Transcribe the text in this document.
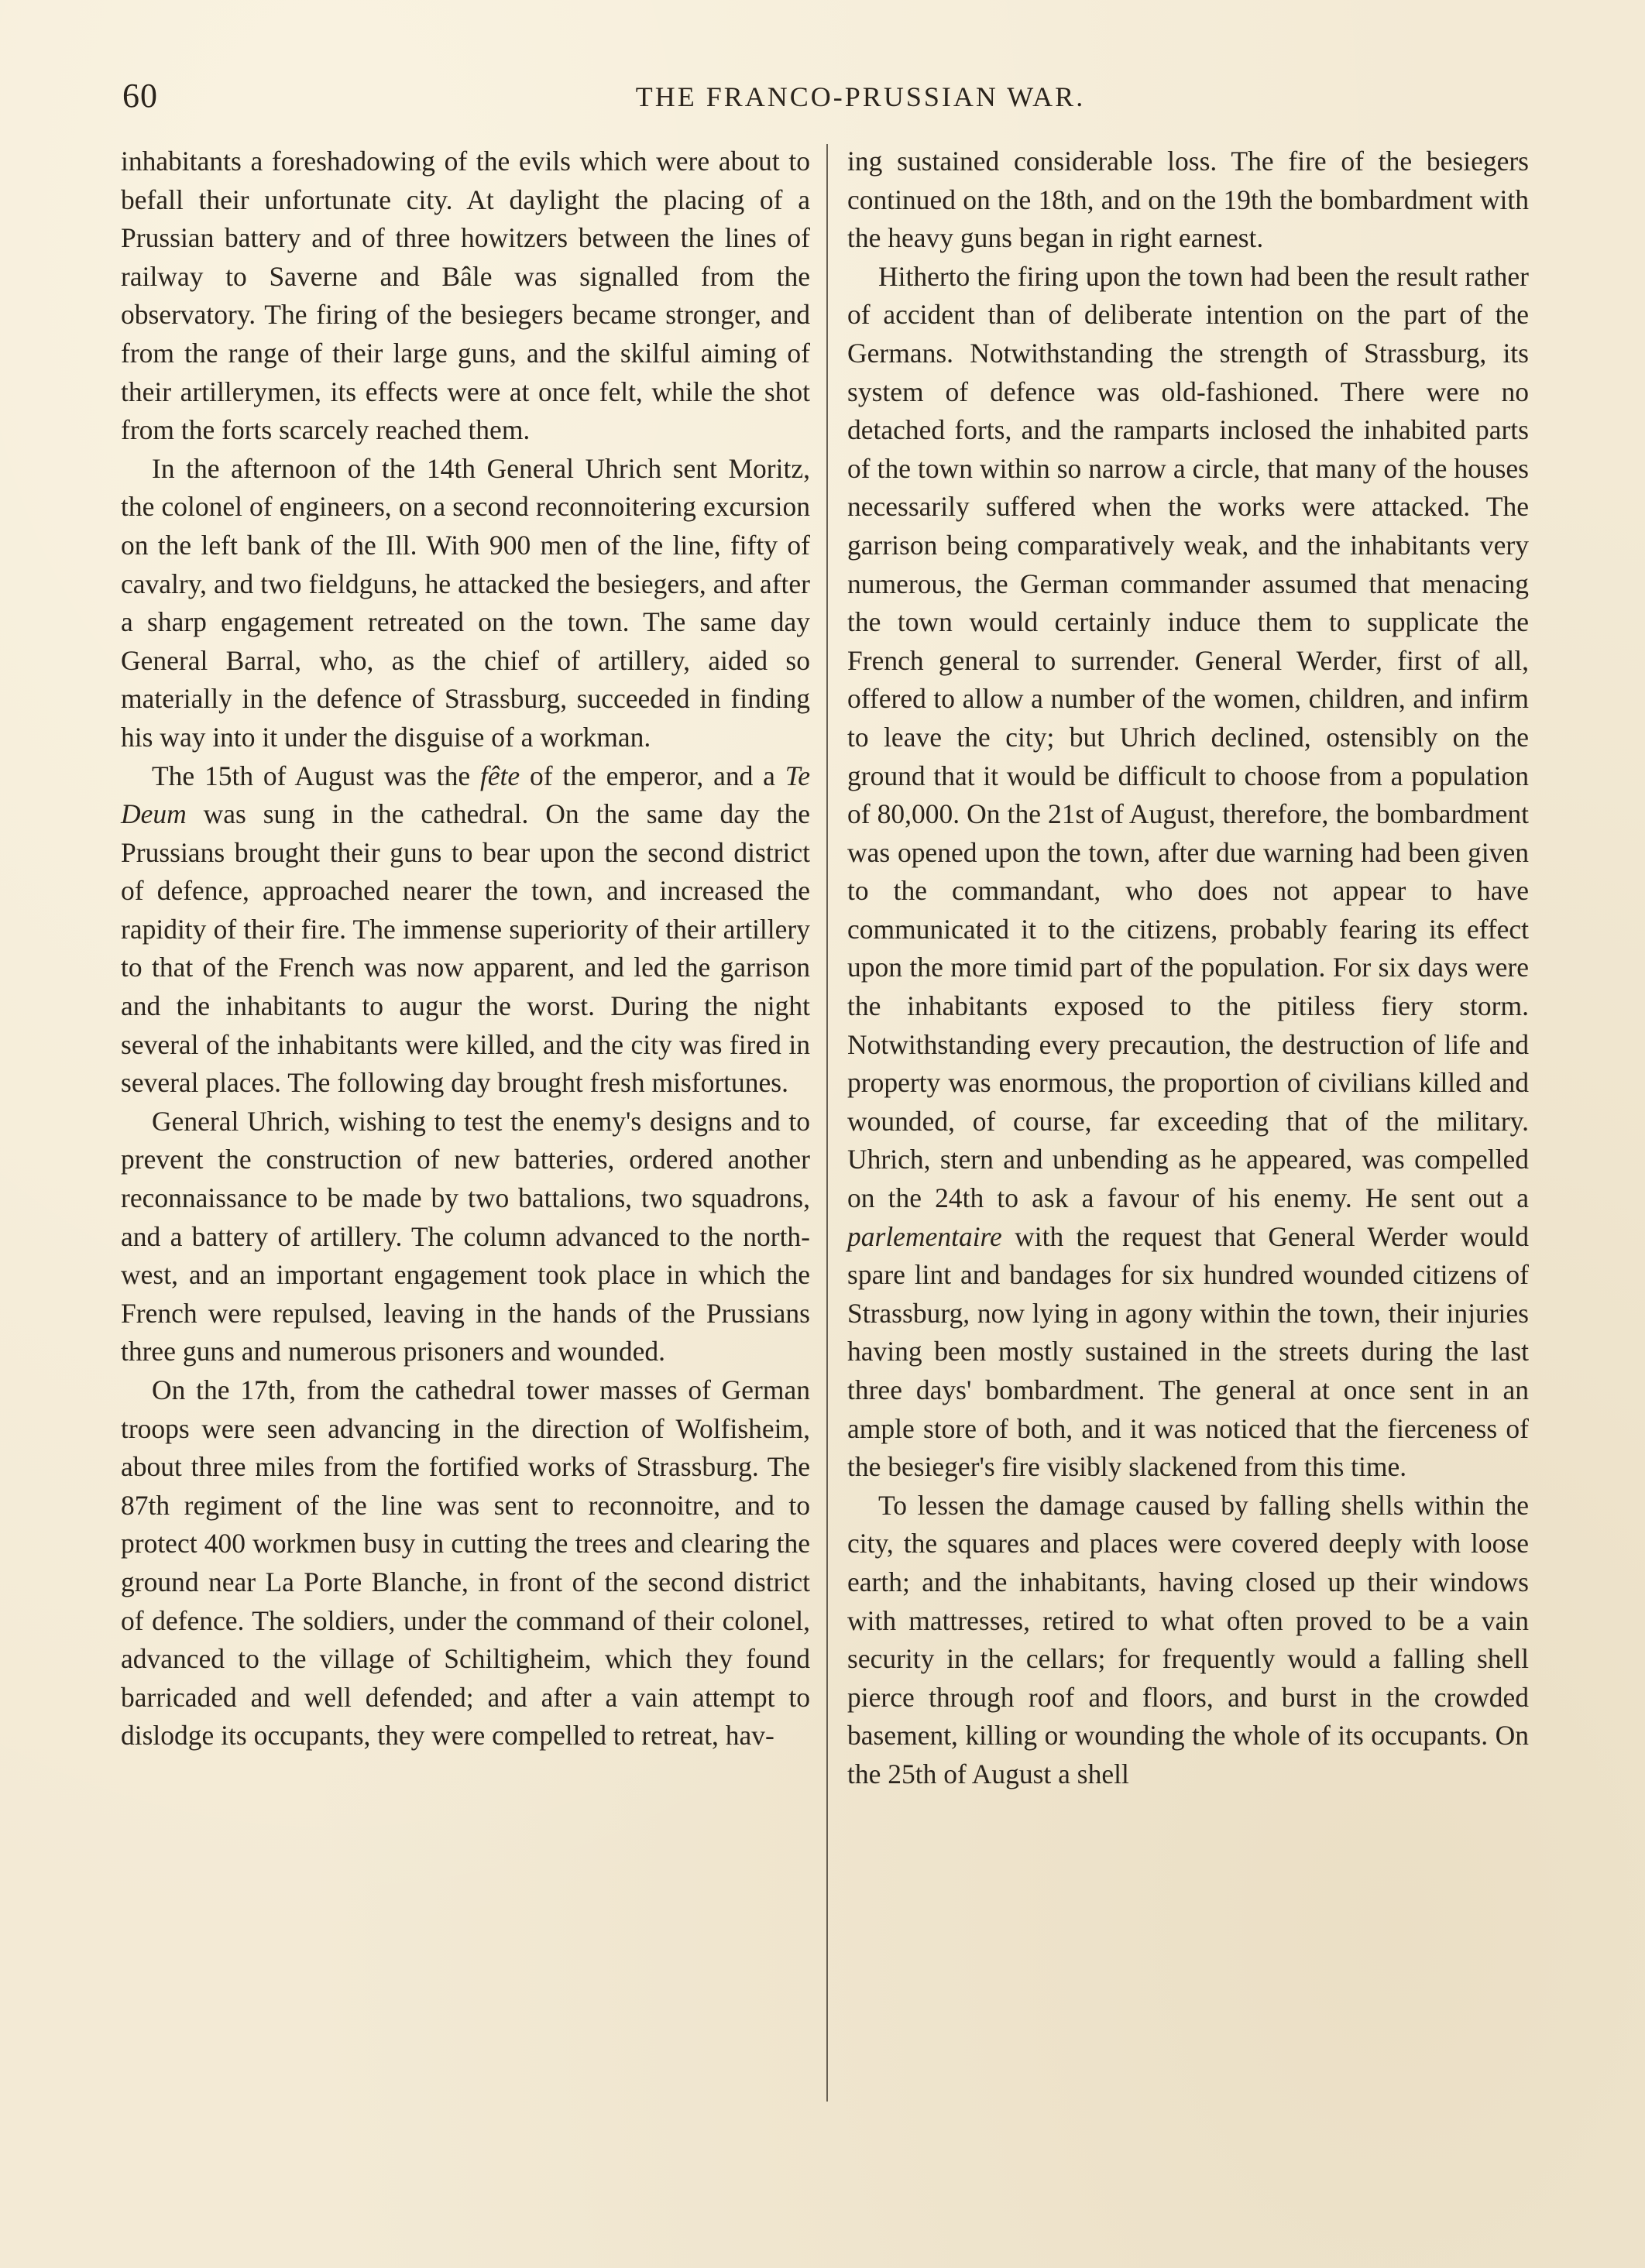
60	THE FRANCO-PRUSSIAN WAR.

inhabitants a foreshadowing of the evils which were about to befall their unfortunate city. At daylight the placing of a Prussian battery and of three howitzers between the lines of railway to Saverne and Bâle was signalled from the observatory. The firing of the besiegers became stronger, and from the range of their large guns, and the skilful aiming of their artillerymen, its effects were at once felt, while the shot from the forts scarcely reached them.

In the afternoon of the 14th General Uhrich sent Moritz, the colonel of engineers, on a second reconnoitering excursion on the left bank of the Ill. With 900 men of the line, fifty of cavalry, and two fieldguns, he attacked the besiegers, and after a sharp engagement retreated on the town. The same day General Barral, who, as the chief of artillery, aided so materially in the defence of Strassburg, succeeded in finding his way into it under the disguise of a workman.

The 15th of August was the fête of the emperor, and a Te Deum was sung in the cathedral. On the same day the Prussians brought their guns to bear upon the second district of defence, approached nearer the town, and increased the rapidity of their fire. The immense superiority of their artillery to that of the French was now apparent, and led the garrison and the inhabitants to augur the worst. During the night several of the inhabitants were killed, and the city was fired in several places. The following day brought fresh misfortunes.

General Uhrich, wishing to test the enemy's designs and to prevent the construction of new batteries, ordered another reconnaissance to be made by two battalions, two squadrons, and a battery of artillery. The column advanced to the north-west, and an important engagement took place in which the French were repulsed, leaving in the hands of the Prussians three guns and numerous prisoners and wounded.

On the 17th, from the cathedral tower masses of German troops were seen advancing in the direction of Wolfisheim, about three miles from the fortified works of Strassburg. The 87th regiment of the line was sent to reconnoitre, and to protect 400 workmen busy in cutting the trees and clearing the ground near La Porte Blanche, in front of the second district of defence. The soldiers, under the command of their colonel, advanced to the village of Schiltigheim, which they found barricaded and well defended; and after a vain attempt to dislodge its occupants, they were compelled to retreat, hav-

ing sustained considerable loss. The fire of the besiegers continued on the 18th, and on the 19th the bombardment with the heavy guns began in right earnest.

Hitherto the firing upon the town had been the result rather of accident than of deliberate intention on the part of the Germans. Notwithstanding the strength of Strassburg, its system of defence was old-fashioned. There were no detached forts, and the ramparts inclosed the inhabited parts of the town within so narrow a circle, that many of the houses necessarily suffered when the works were attacked. The garrison being comparatively weak, and the inhabitants very numerous, the German commander assumed that menacing the town would certainly induce them to supplicate the French general to surrender. General Werder, first of all, offered to allow a number of the women, children, and infirm to leave the city; but Uhrich declined, ostensibly on the ground that it would be difficult to choose from a population of 80,000. On the 21st of August, therefore, the bombardment was opened upon the town, after due warning had been given to the commandant, who does not appear to have communicated it to the citizens, probably fearing its effect upon the more timid part of the population. For six days were the inhabitants exposed to the pitiless fiery storm. Notwithstanding every precaution, the destruction of life and property was enormous, the proportion of civilians killed and wounded, of course, far exceeding that of the military. Uhrich, stern and unbending as he appeared, was compelled on the 24th to ask a favour of his enemy. He sent out a parlementaire with the request that General Werder would spare lint and bandages for six hundred wounded citizens of Strassburg, now lying in agony within the town, their injuries having been mostly sustained in the streets during the last three days' bombardment. The general at once sent in an ample store of both, and it was noticed that the fierceness of the besieger's fire visibly slackened from this time.

To lessen the damage caused by falling shells within the city, the squares and places were covered deeply with loose earth; and the inhabitants, having closed up their windows with mattresses, retired to what often proved to be a vain security in the cellars; for frequently would a falling shell pierce through roof and floors, and burst in the crowded basement, killing or wounding the whole of its occupants. On the 25th of August a shell
